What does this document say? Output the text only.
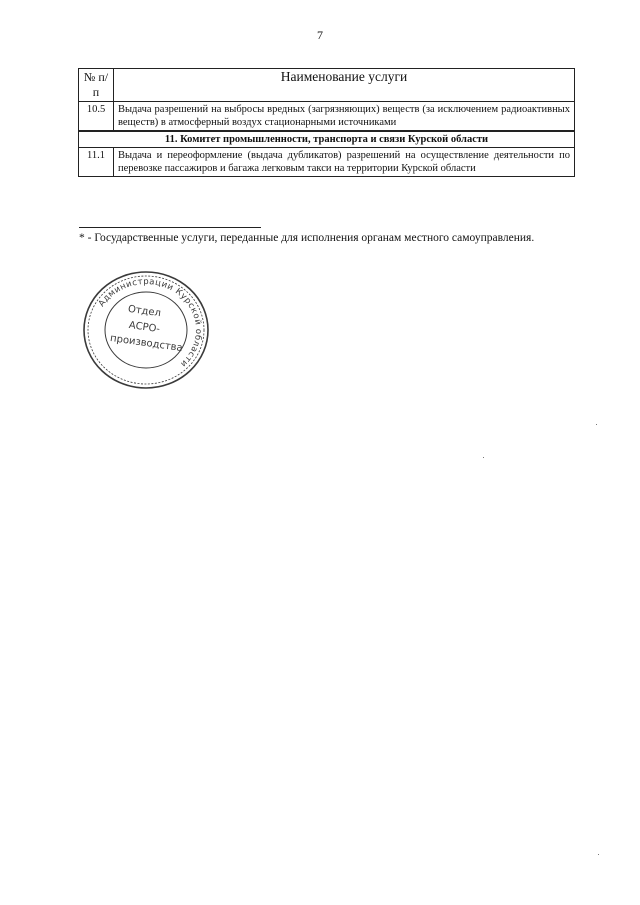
7
№ п/п	Наименование услуги
10.5	Выдача разрешений на выбросы вредных (загрязняющих) веществ (за исключением радиоактивных веществ) в атмосферный воздух стационарными источниками
11. Комитет промышленности, транспорта и связи Курской области	
11.1	Выдача и переоформление (выдача дубликатов) разрешений на осуществление деятельности по перевозке пассажиров и багажа легковым такси на территории Курской области
* - Государственные услуги, переданные для исполнения органам местного самоуправления.
Администрации Курской области
Отдел
АСРО-
производства
